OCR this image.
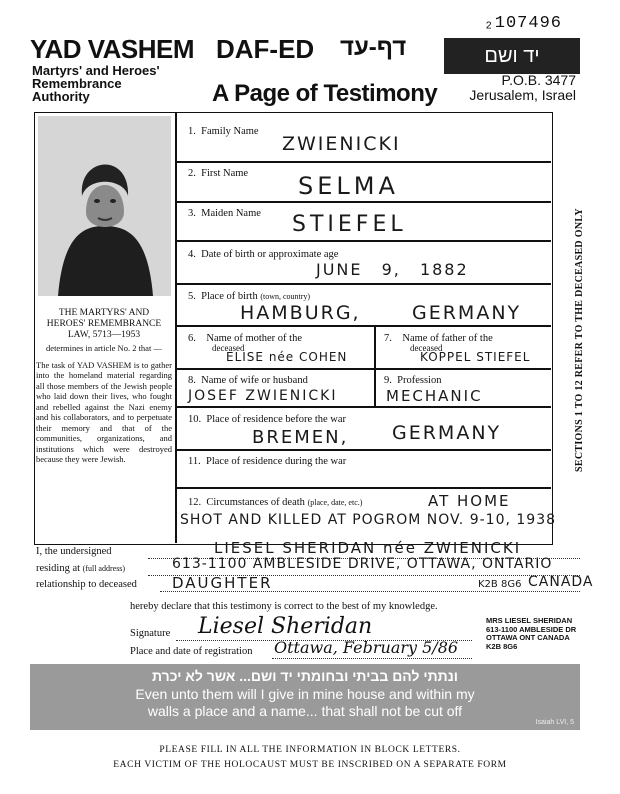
₂107496
YAD VASHEM
Martyrs' and Heroes'
Remembrance
Authority
DAF-ED דף-עד	יד ושם
A Page of Testimony	P.O.B. 3477
Jerusalem, Israel
THE MARTYRS' AND
HEROES' REMEMBRANCE
LAW, 5713—1953
determines in article No. 2 that —
The task of YAD VASHEM is to gather into the homeland material regarding all those members of the Jewish people who laid down their lives, who fought and rebelled against the Nazi enemy and his collaborators, and to perpetuate their memory and that of the communities, organizations, and institutions which were destroyed because they were Jewish.
1. Family Name
ZWIENICKI
2. First Name SELMA
3. Maiden Name STIEFEL
4. Date of birth or approximate age
JUNE 9, 1882
5. Place of birth (town, country)
HAMBURG,	GERMANY
6. Name of mother of the
deceased
ELISE née COHEN
7. Name of father of the
deceased
KOPPEL STIEFEL
8. Name of wife or husband
JOSEF ZWIENICKI
9. Profession
MECHANIC
10. Place of residence before the war
BREMEN, GERMANY
11. Place of residence during the war
12. Circumstances of death (place, date, etc.)	AT HOME
SHOT AND KILLED AT POGROM NOV. 9-10, 1938
SECTIONS 1 TO 12 REFER TO THE DECEASED ONLY
I, the undersigned	LIESEL SHERIDAN née ZWIENICKI
residing at (full address)	613-1100 AMBLESIDE DRIVE, OTTAWA, ONTARIO
relationship to deceased DAUGHTER	K2B 8G6 CANADA
hereby declare that this testimony is correct to the best of my knowledge.
Signature Liesel Sheridan
Place and date of registration Ottawa, February 5/86
MRS LIESEL SHERIDAN
613-1100 AMBLESIDE DR
OTTAWA ONT CANADA
K2B 8G6
ונתתי להם בביתי ובחומתי יד ושם... אשר לא יכרת
Even unto them will I give in mine house and within my
walls a place and a name... that shall not be cut off
Isaiah LVI, 5
PLEASE FILL IN ALL THE INFORMATION IN BLOCK LETTERS.
EACH VICTIM OF THE HOLOCAUST MUST BE INSCRIBED ON A SEPARATE FORM
